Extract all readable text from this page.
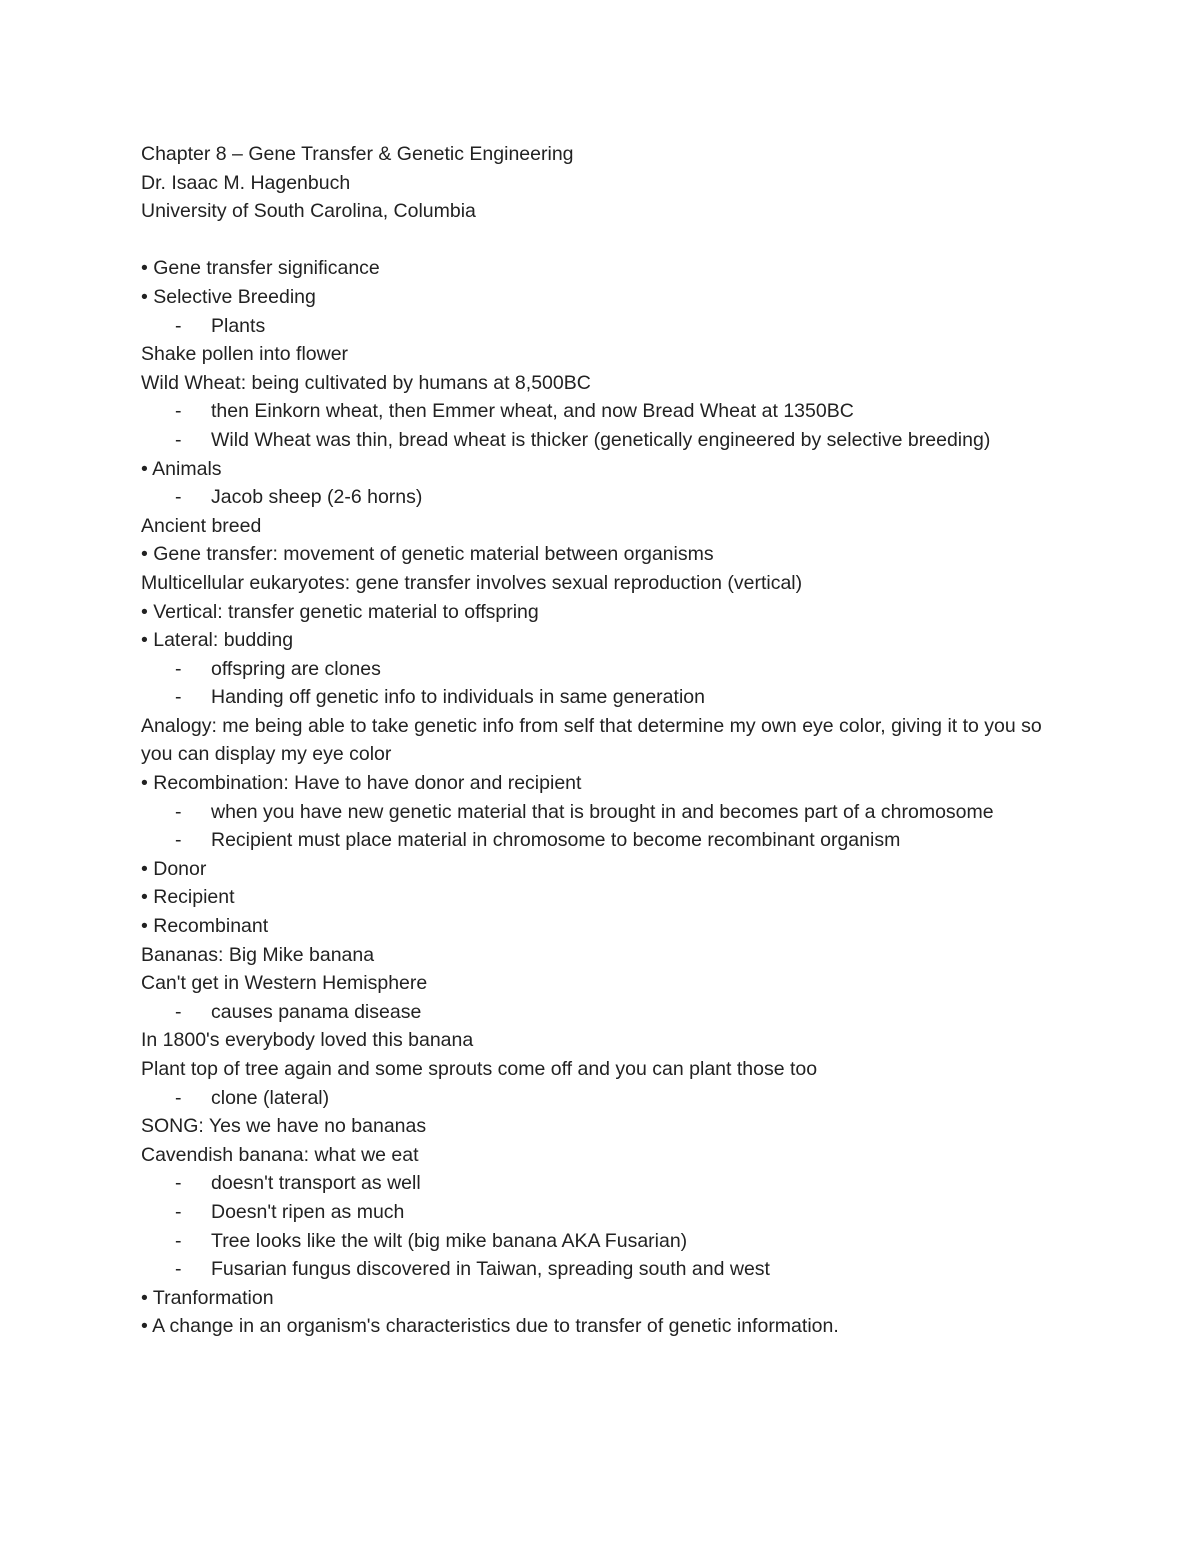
Chapter 8 – Gene Transfer & Genetic Engineering
Dr. Isaac M. Hagenbuch
University of South Carolina, Columbia
• Gene transfer significance
• Selective Breeding
- Plants
Shake pollen into flower
Wild Wheat: being cultivated by humans at 8,500BC
- then Einkorn wheat, then Emmer wheat, and now Bread Wheat at 1350BC
- Wild Wheat was thin, bread wheat is thicker (genetically engineered by selective breeding)
• Animals
- Jacob sheep (2-6 horns)
Ancient breed
• Gene transfer: movement of genetic material between organisms
Multicellular eukaryotes: gene transfer involves sexual reproduction (vertical)
• Vertical: transfer genetic material to offspring
• Lateral: budding
- offspring are clones
- Handing off genetic info to individuals in same generation
Analogy: me being able to take genetic info from self that determine my own eye color, giving it to you so you can display my eye color
• Recombination: Have to have donor and recipient
- when you have new genetic material that is brought in and becomes part of a chromosome
- Recipient must place material in chromosome to become recombinant organism
• Donor
• Recipient
• Recombinant
Bananas: Big Mike banana
Can't get in Western Hemisphere
- causes panama disease
In 1800's everybody loved this banana
Plant top of tree again and some sprouts come off and you can plant those too
- clone (lateral)
SONG: Yes we have no bananas
Cavendish banana: what we eat
- doesn't transport as well
- Doesn't ripen as much
- Tree looks like the wilt (big mike banana AKA Fusarian)
- Fusarian fungus discovered in Taiwan, spreading south and west
• Tranformation
• A change in an organism's characteristics due to transfer of genetic information.
